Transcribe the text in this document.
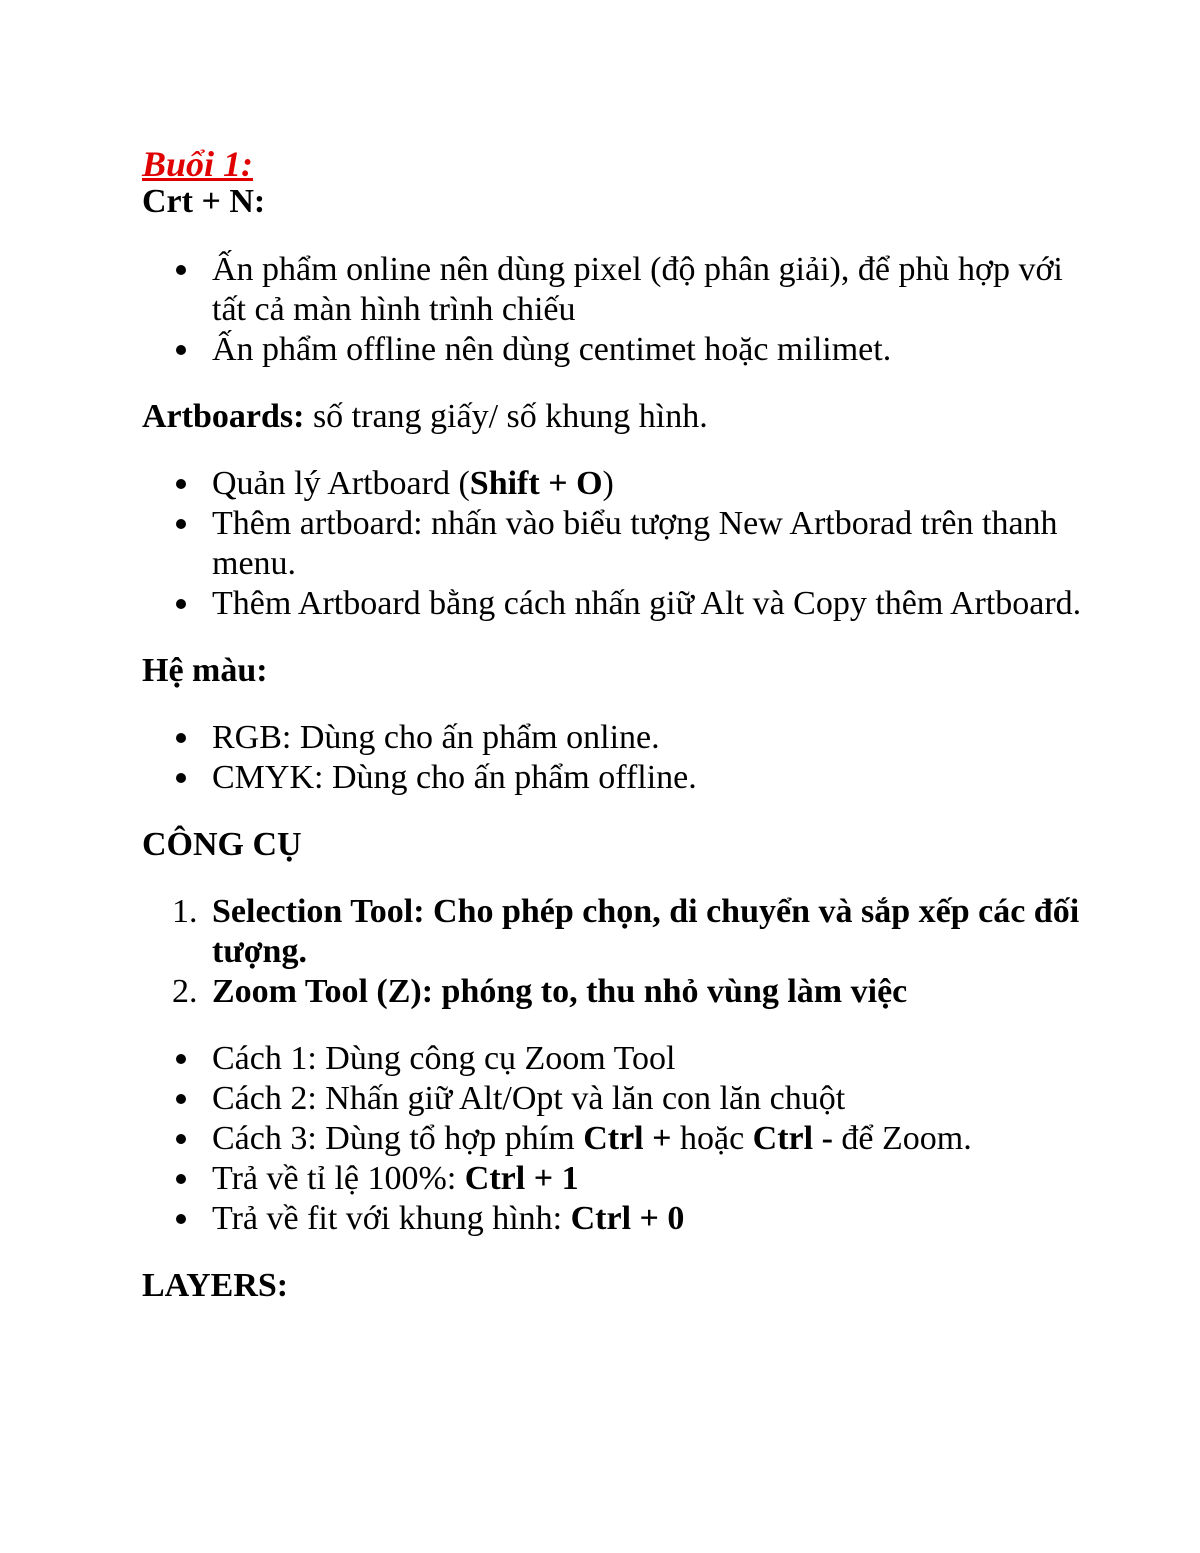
Buổi 1:
Crt + N:
Ấn phẩm online nên dùng pixel (độ phân giải), để phù hợp với tất cả màn hình trình chiếu
Ấn phẩm offline nên dùng centimet hoặc milimet.

Artboards: số trang giấy/ số khung hình.

Quản lý Artboard (Shift + O)
Thêm artboard: nhấn vào biểu tượng New Artborad trên thanh menu.
Thêm Artboard bằng cách nhấn giữ Alt và Copy thêm Artboard.
Hệ màu:
RGB: Dùng cho ấn phẩm online.
CMYK: Dùng cho ấn phẩm offline.
CÔNG CỤ
1. Selection Tool: Cho phép chọn, di chuyển và sắp xếp các đối tượng.
2. Zoom Tool (Z): phóng to, thu nhỏ vùng làm việc
Cách 1: Dùng công cụ Zoom Tool
Cách 2: Nhấn giữ Alt/Opt và lăn con lăn chuột
Cách 3: Dùng tổ hợp phím Ctrl + hoặc Ctrl - để Zoom.
Trả về tỉ lệ 100%: Ctrl + 1
Trả về fit với khung hình: Ctrl + 0
LAYERS:
